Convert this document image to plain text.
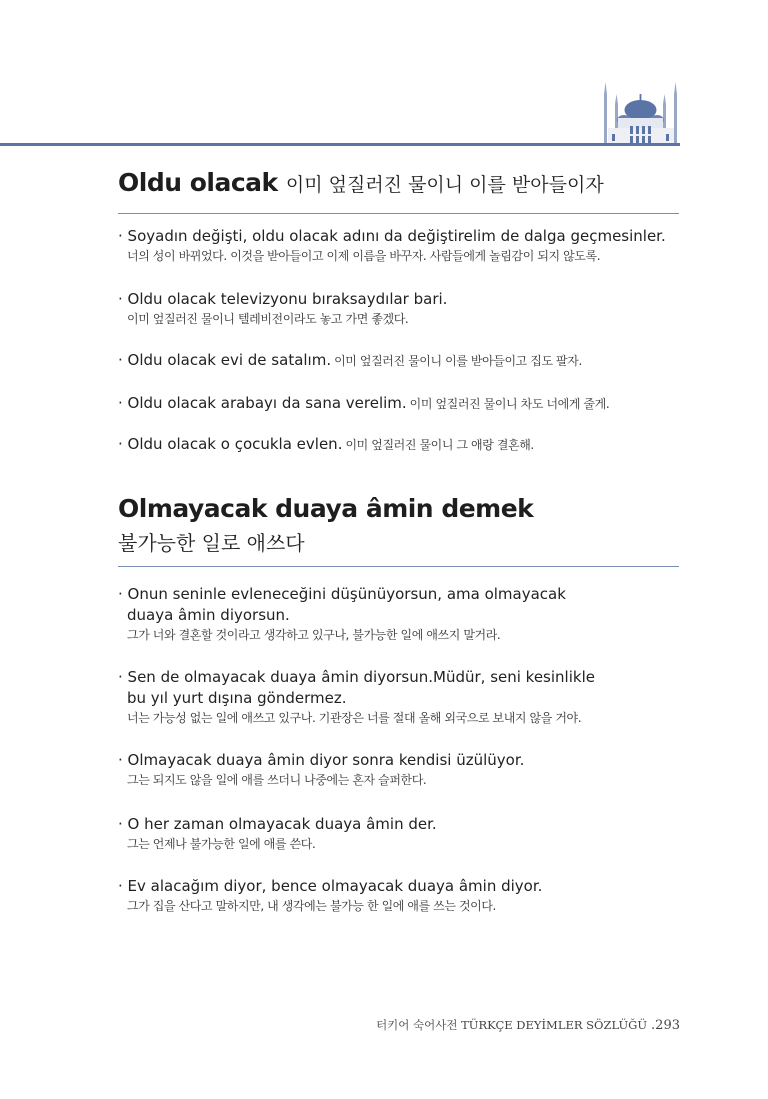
Oldu olacak 이미 엎질러진 물이니 이를 받아들이자
· Soyadın değişti, oldu olacak adını da değiştirelim de dalga geçmesinler.
너의 성이 바뀌었다. 이것을 받아들이고 이제 이름을 바꾸자. 사람들에게 놀림감이 되지 않도록.
· Oldu olacak televizyonu bıraksaydılar bari.
이미 엎질러진 물이니 텔레비전이라도 놓고 가면 좋겠다.
· Oldu olacak evi de satalım. 이미 엎질러진 물이니 이를 받아들이고 집도 팔자.
· Oldu olacak arabayı da sana verelim. 이미 엎질러진 물이니 차도 너에게 줄게.
· Oldu olacak o çocukla evlen. 이미 엎질러진 물이니 그 애랑 결혼해.
Olmayacak duaya âmin demek
불가능한 일로 애쓰다
· Onun seninle evleneceğini düşünüyorsun, ama olmayacak
duaya âmin diyorsun.
그가 너와 결혼할 것이라고 생각하고 있구나, 불가능한 일에 애쓰지 말거라.
· Sen de olmayacak duaya âmin diyorsun.Müdür, seni kesinlikle
bu yıl yurt dışına göndermez.
너는 가능성 없는 일에 애쓰고 있구나. 기관장은 너를 절대 올해 외국으로 보내지 않을 거야.
· Olmayacak duaya âmin diyor sonra kendisi üzülüyor.
그는 되지도 않을 일에 애를 쓰더니 나중에는 혼자 슬퍼한다.
· O her zaman olmayacak duaya âmin der.
그는 언제나 불가능한 일에 애를 쓴다.
· Ev alacağım diyor, bence olmayacak duaya âmin diyor.
그가 집을 산다고 말하지만, 내 생각에는 불가능 한 일에 애를 쓰는 것이다.
터키어 숙어사전 TÜRKÇE DEYİMLER SÖZLÜĞÜ .293
